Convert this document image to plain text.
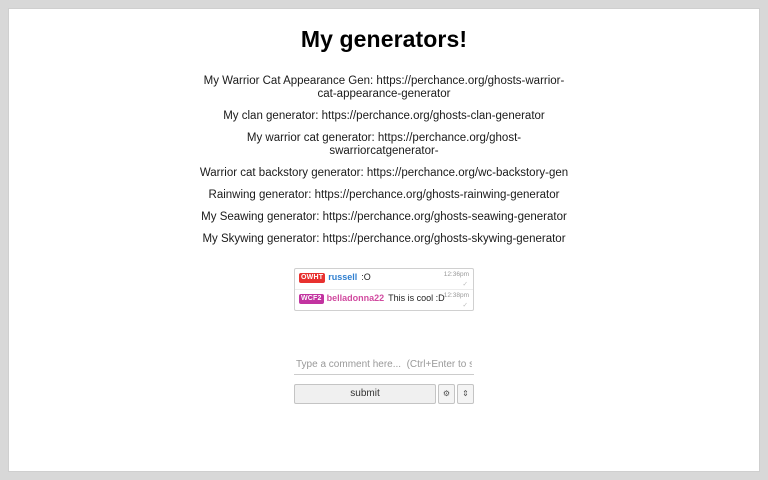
My generators!
My Warrior Cat Appearance Gen: https://perchance.org/ghosts-warrior-cat-appearance-generator
My clan generator: https://perchance.org/ghosts-clan-generator
My warrior cat generator: https://perchance.org/ghost-swarriorcatgenerator-
Warrior cat backstory generator: https://perchance.org/wc-backstory-gen
Rainwing generator: https://perchance.org/ghosts-rainwing-generator
My Seawing generator: https://perchance.org/ghosts-seawing-generator
My Skywing generator: https://perchance.org/ghosts-skywing-generator
OWHT russell :O	12:36pm
✓
WCF2 belladonna22 This is cool :D 12:38pm
✓
Type a comment here... (Ctrl+Enter to send)
submit	⚙	⇕
